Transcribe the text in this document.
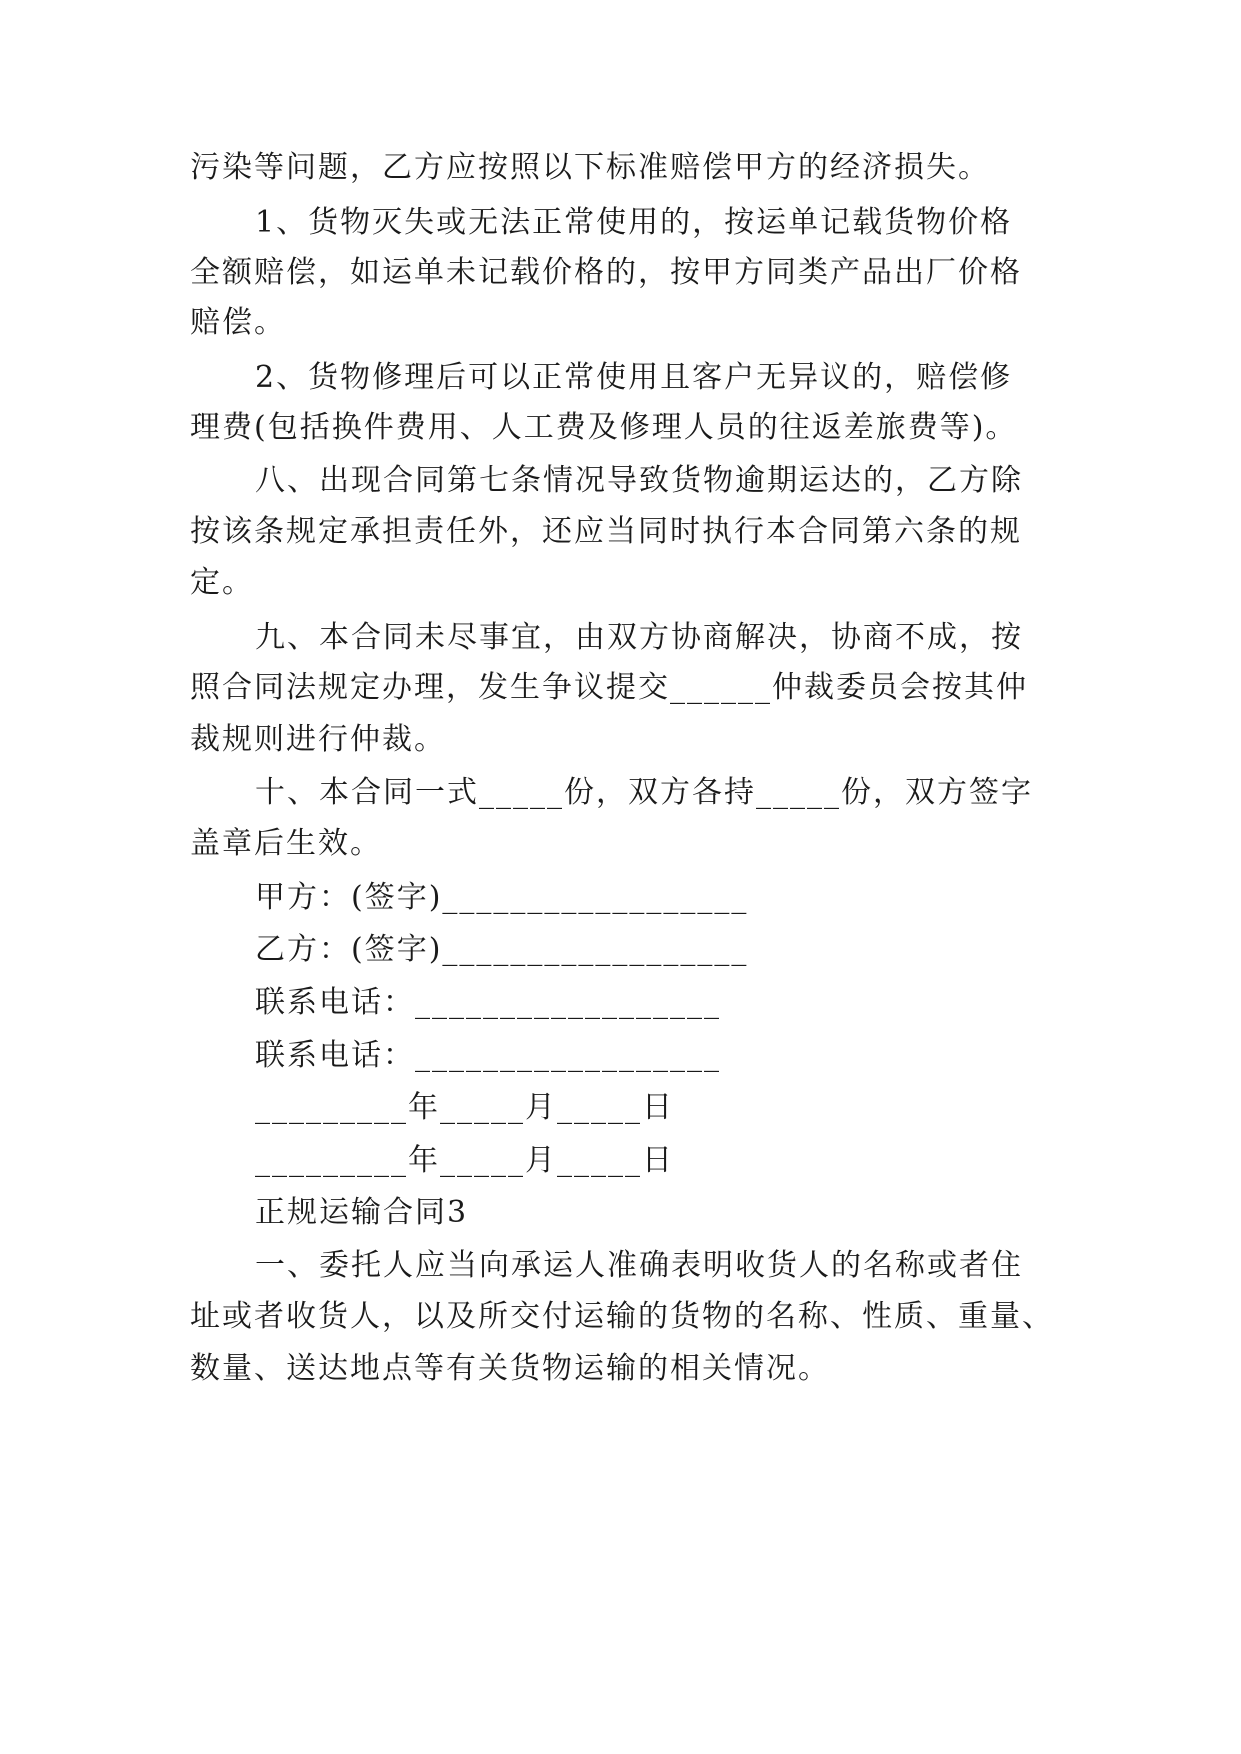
污染等问题，乙方应按照以下标准赔偿甲方的经济损失。
1、货物灭失或无法正常使用的，按运单记载货物价格
全额赔偿，如运单未记载价格的，按甲方同类产品出厂价格
赔偿。
2、货物修理后可以正常使用且客户无异议的，赔偿修
理费(包括换件费用、人工费及修理人员的往返差旅费等)。
八、出现合同第七条情况导致货物逾期运达的，乙方除
按该条规定承担责任外，还应当同时执行本合同第六条的规
定。
九、本合同未尽事宜，由双方协商解决，协商不成，按
照合同法规定办理，发生争议提交______仲裁委员会按其仲
裁规则进行仲裁。
十、本合同一式_____份，双方各持_____份，双方签字
盖章后生效。
甲方：(签字)__________________
乙方：(签字)__________________
联系电话：__________________
联系电话：__________________
_________年_____月_____日
_________年_____月_____日
正规运输合同3
一、委托人应当向承运人准确表明收货人的名称或者住
址或者收货人，以及所交付运输的货物的名称、性质、重量、
数量、送达地点等有关货物运输的相关情况。
